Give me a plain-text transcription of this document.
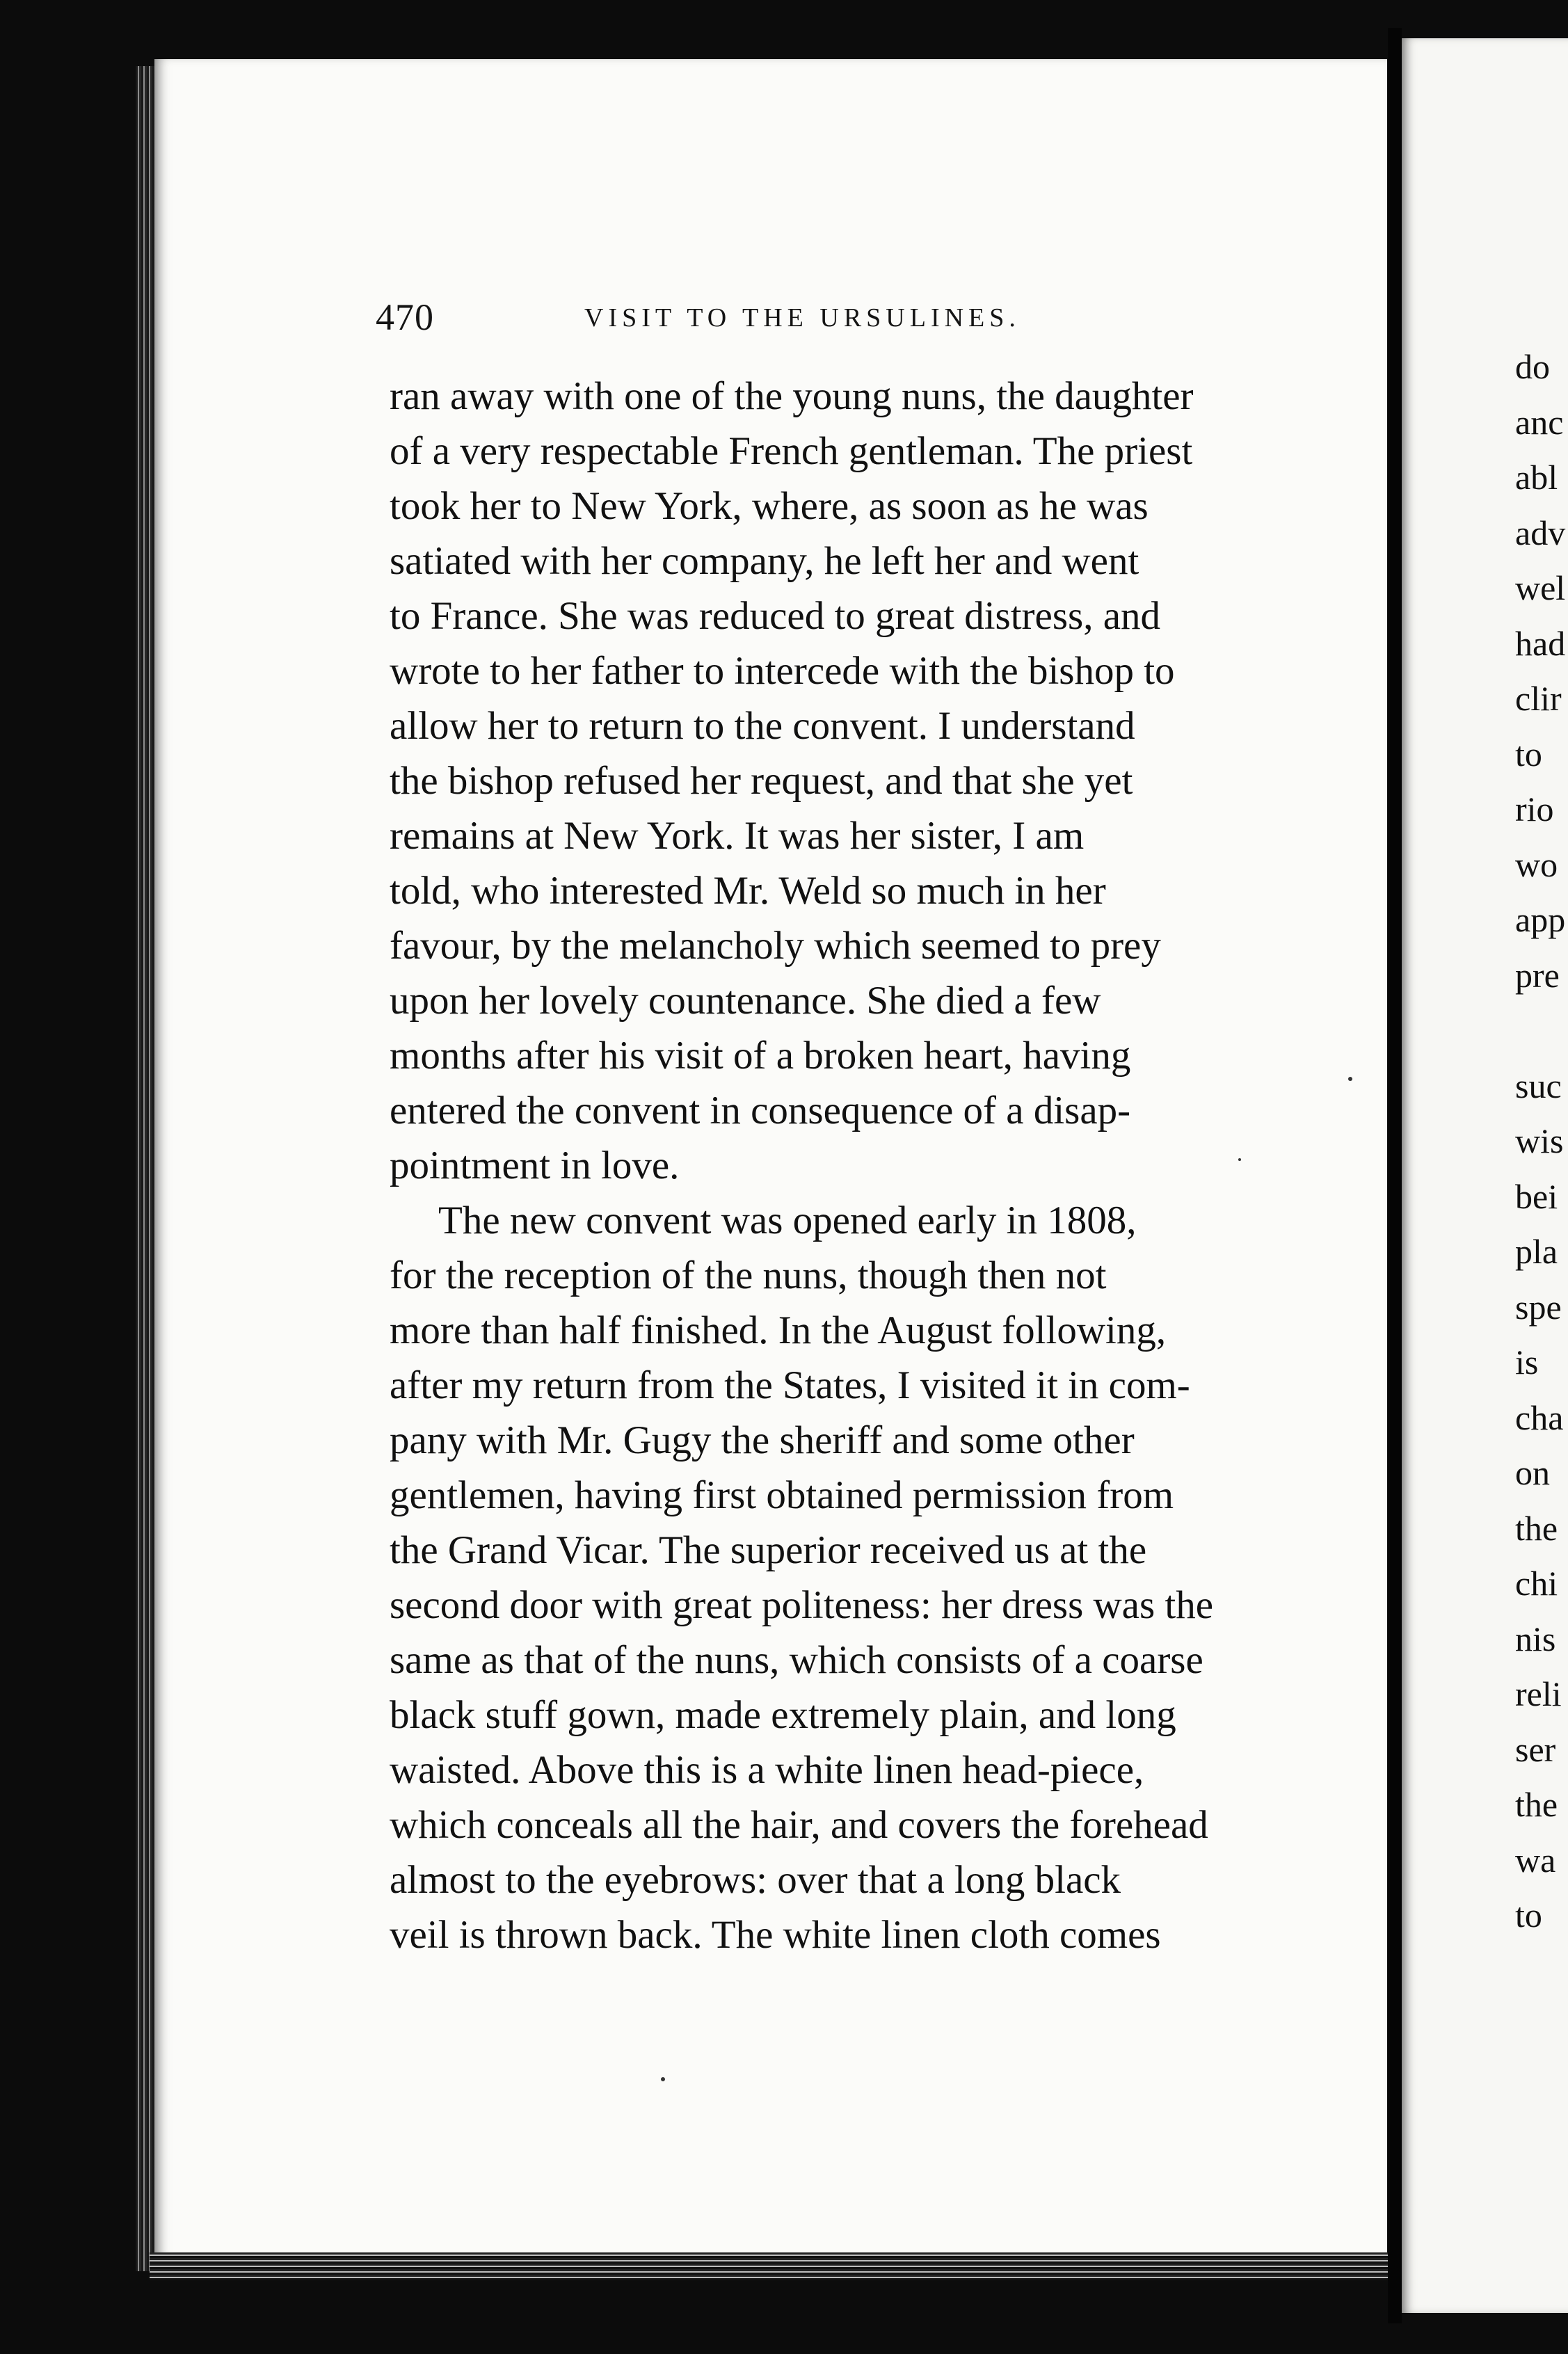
470	VISIT TO THE URSULINES.
ran away with one of the young nuns, the daughter
of a very respectable French gentleman. The priest
took her to New York, where, as soon as he was
satiated with her company, he left her and went
to France. She was reduced to great distress, and
wrote to her father to intercede with the bishop to
allow her to return to the convent. I understand
the bishop refused her request, and that she yet
remains at New York. It was her sister, I am
told, who interested Mr. Weld so much in her
favour, by the melancholy which seemed to prey
upon her lovely countenance. She died a few
months after his visit of a broken heart, having
entered the convent in consequence of a disap-
pointment in love.
The new convent was opened early in 1808,
for the reception of the nuns, though then not
more than half finished. In the August following,
after my return from the States, I visited it in com-
pany with Mr. Gugy the sheriff and some other
gentlemen, having first obtained permission from
the Grand Vicar. The superior received us at the
second door with great politeness: her dress was the
same as that of the nuns, which consists of a coarse
black stuff gown, made extremely plain, and long
waisted. Above this is a white linen head-piece,
which conceals all the hair, and covers the forehead
almost to the eyebrows: over that a long black
veil is thrown back. The white linen cloth comes
do
anc
abl
adv
wel
had
clir
to
rio
wo
app
pre

suc
wis
bei
pla
spe
is
cha
on
the
chi
nis
reli
ser
the
wa
to
